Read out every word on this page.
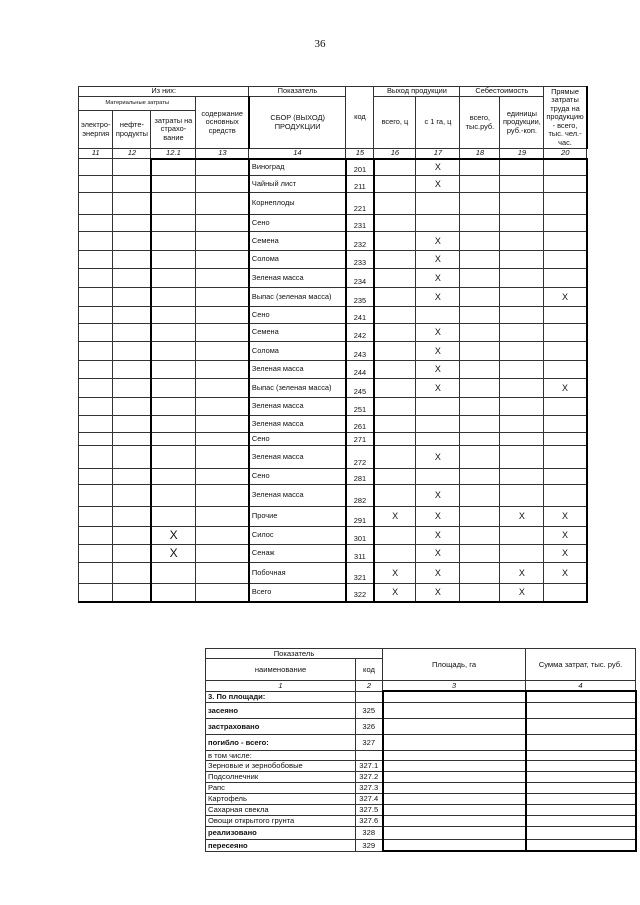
36
Из них:				Показатель	код	Выход продукции		Себестоимость		Прямые затраты труда на продукцию - всего, тыс. чел.-час.
Материальные затраты			содержание основных средств	СБОР (ВЫХОД) ПРОДУКЦИИ		всего, ц	с 1 га, ц	всего, тыс.руб.	единицы продукции, руб.-коп.	
электро-энергия	нефте-продукты	затраты на страхо-вание								
11	12	12.1	13	14	15	16	17	18	19	20
				Виноград	201		X			
				Чайный лист	211		X			
				Корнеплоды	221					
				Сено	231					
				Семена	232		X			
				Солома	233		X			
				Зеленая масса	234		X			
				Выпас (зеленая масса)	235		X			X
				Сено	241					
				Семена	242		X			
				Солома	243		X			
				Зеленая масса	244		X			
				Выпас (зеленая масса)	245		X			X
				Зеленая масса	251					
				Зеленая масса	261					
				Сено	271					
				Зеленая масса	272		X			
				Сено	281					
				Зеленая масса	282		X			
				Прочие	291	X	X		X	X
		X		Силос	301		X			X
		X		Сенаж	311		X			X
				Побочная	321	X	X		X	X
				Всего	322	X	X		X	
Показатель		Площадь, га	Сумма затрат, тыс. руб.
наименование	код		
1	2	3	4
3. По площади:			
засеяно	325		
застраховано	326		
погибло - всего:	327		
в том числе:			
Зерновые и зернобобовые	327.1		
Подсолнечник	327.2		
Рапс	327.3		
Картофель	327.4		
Сахарная свекла	327.5		
Овощи открытого грунта	327.6		
реализовано	328		
пересеяно	329		
